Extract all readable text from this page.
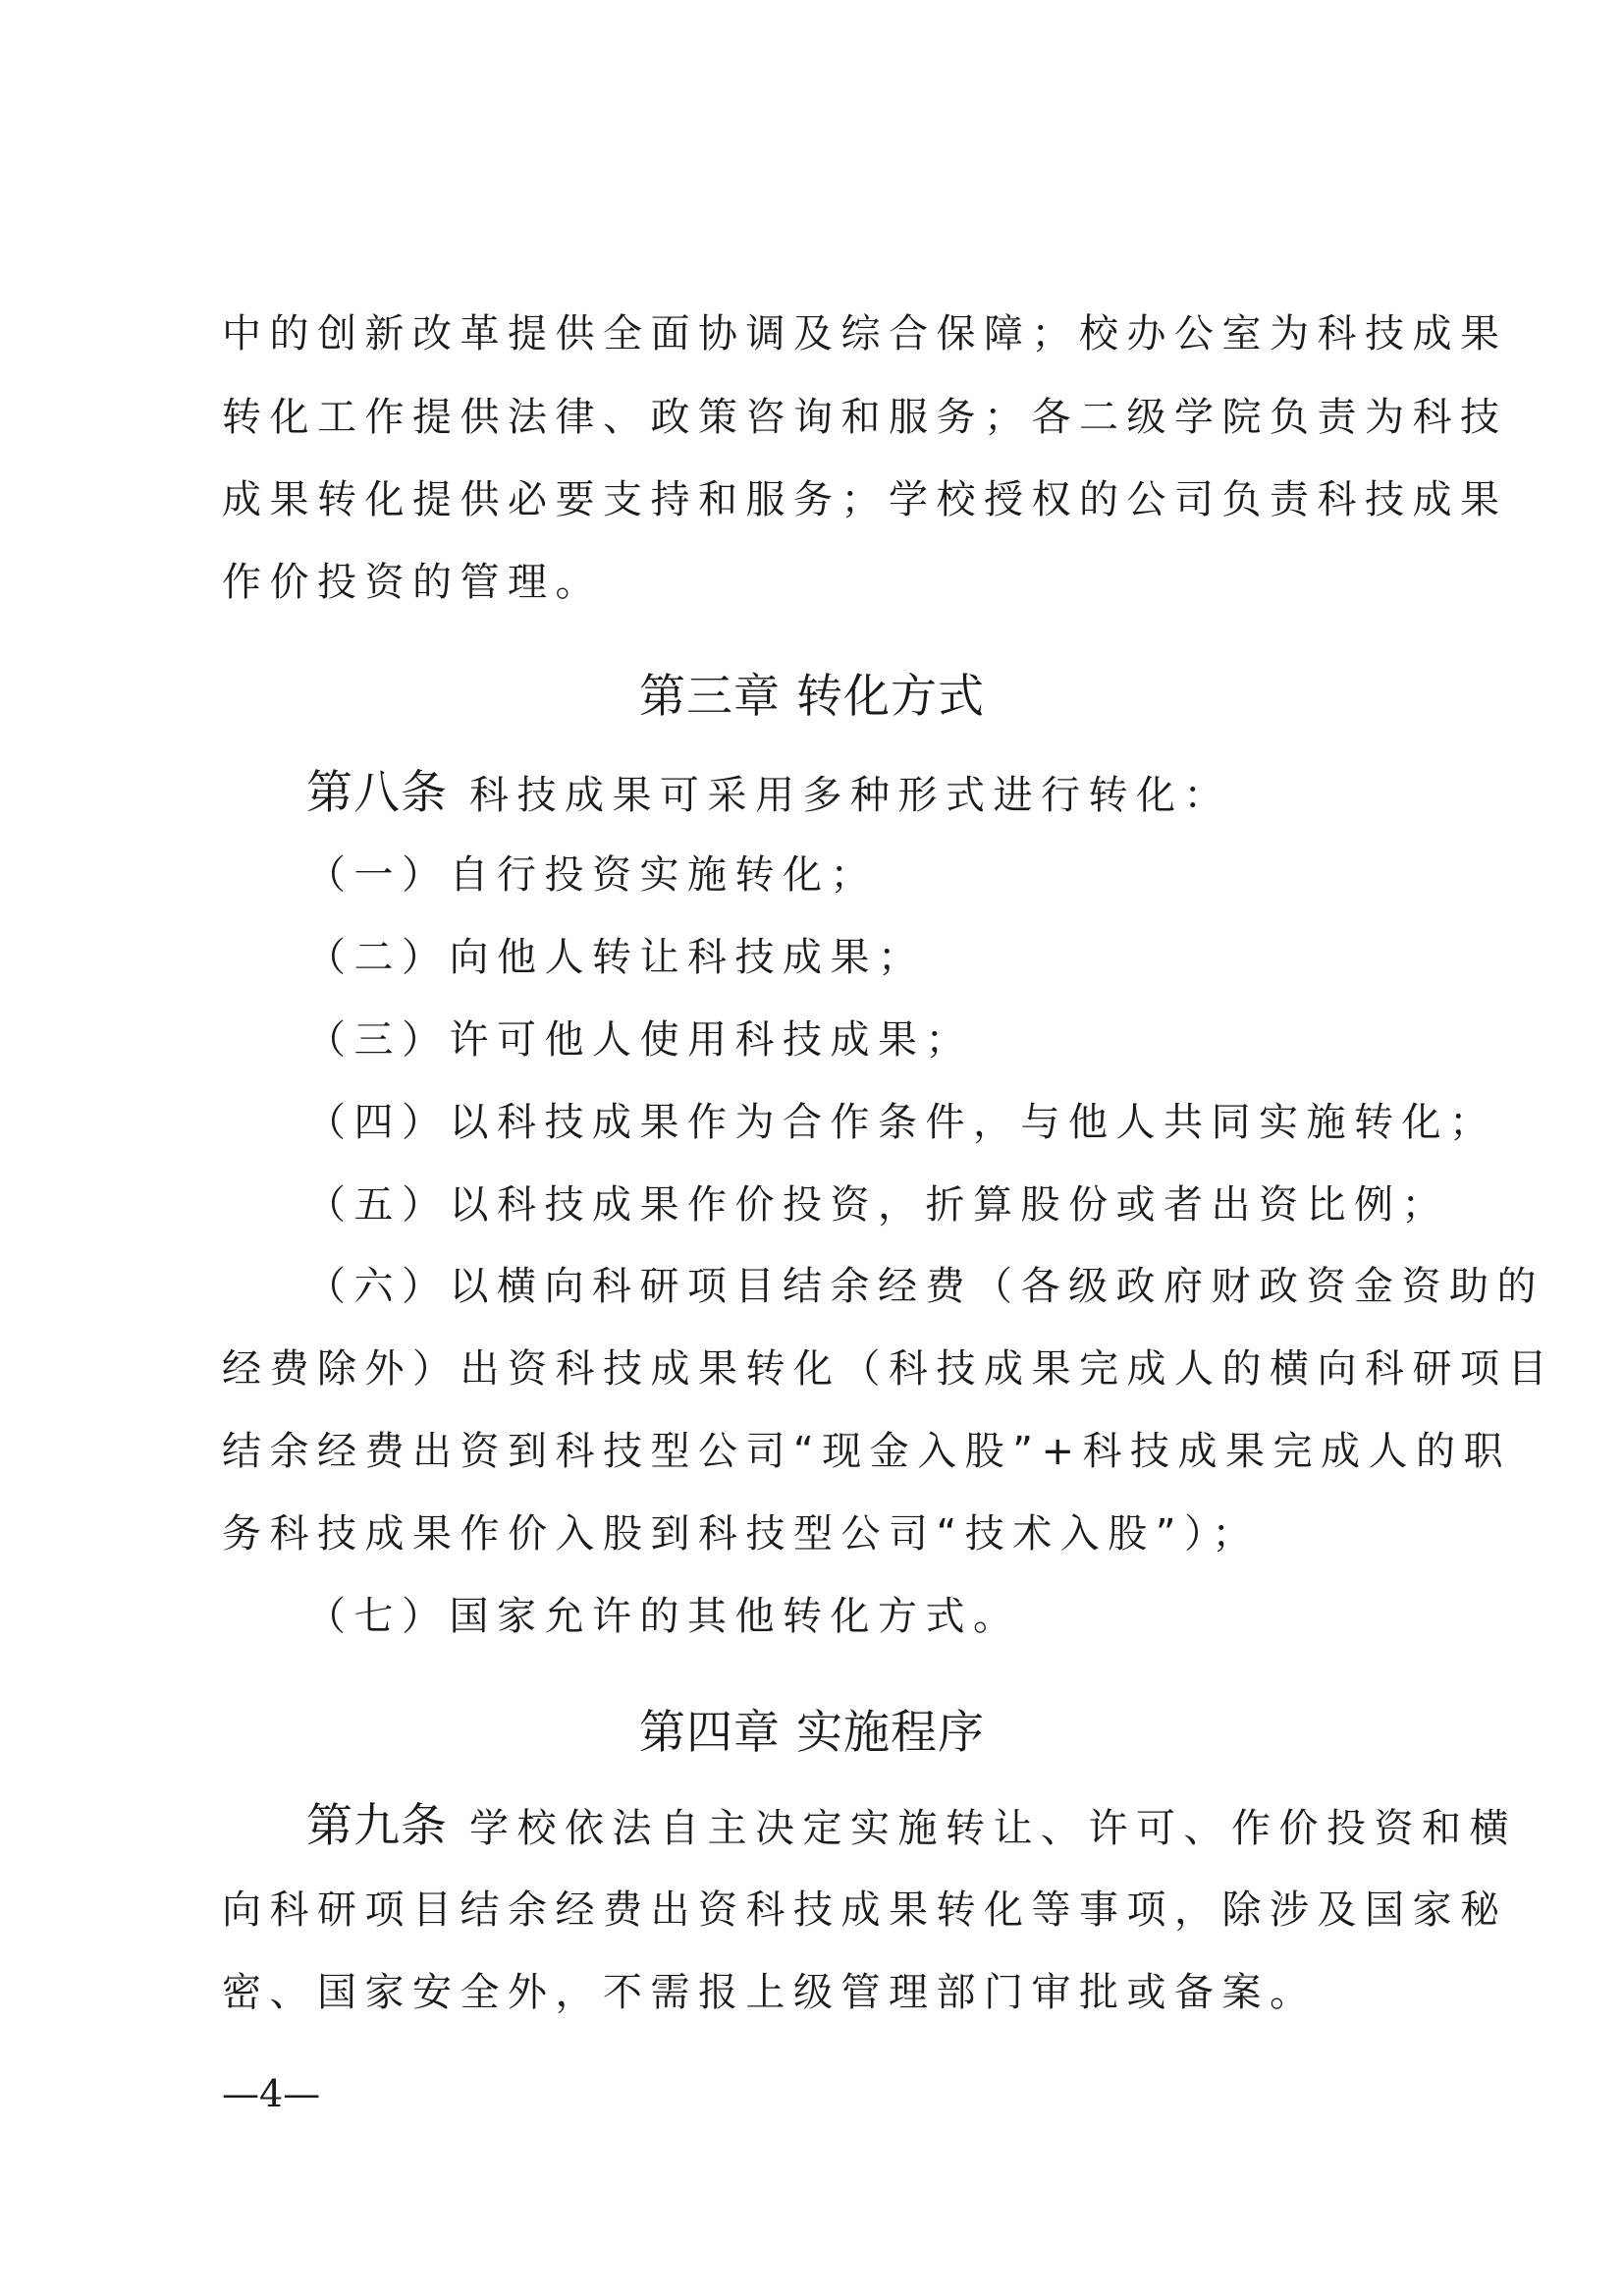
中的创新改革提供全面协调及综合保障；校办公室为科技成果
转化工作提供法律、政策咨询和服务；各二级学院负责为科技
成果转化提供必要支持和服务；学校授权的公司负责科技成果
作价投资的管理。
第三章 转化方式
第八条 科技成果可采用多种形式进行转化：
（一）自行投资实施转化；
（二）向他人转让科技成果；
（三）许可他人使用科技成果；
（四）以科技成果作为合作条件，与他人共同实施转化；
（五）以科技成果作价投资，折算股份或者出资比例；
（六）以横向科研项目结余经费（各级政府财政资金资助的
经费除外）出资科技成果转化（科技成果完成人的横向科研项目
结余经费出资到科技型公司“现金入股”+科技成果完成人的职
务科技成果作价入股到科技型公司“技术入股”）；
（七）国家允许的其他转化方式。
第四章 实施程序
第九条 学校依法自主决定实施转让、许可、作价投资和横
向科研项目结余经费出资科技成果转化等事项，除涉及国家秘
密、国家安全外，不需报上级管理部门审批或备案。
—4—
